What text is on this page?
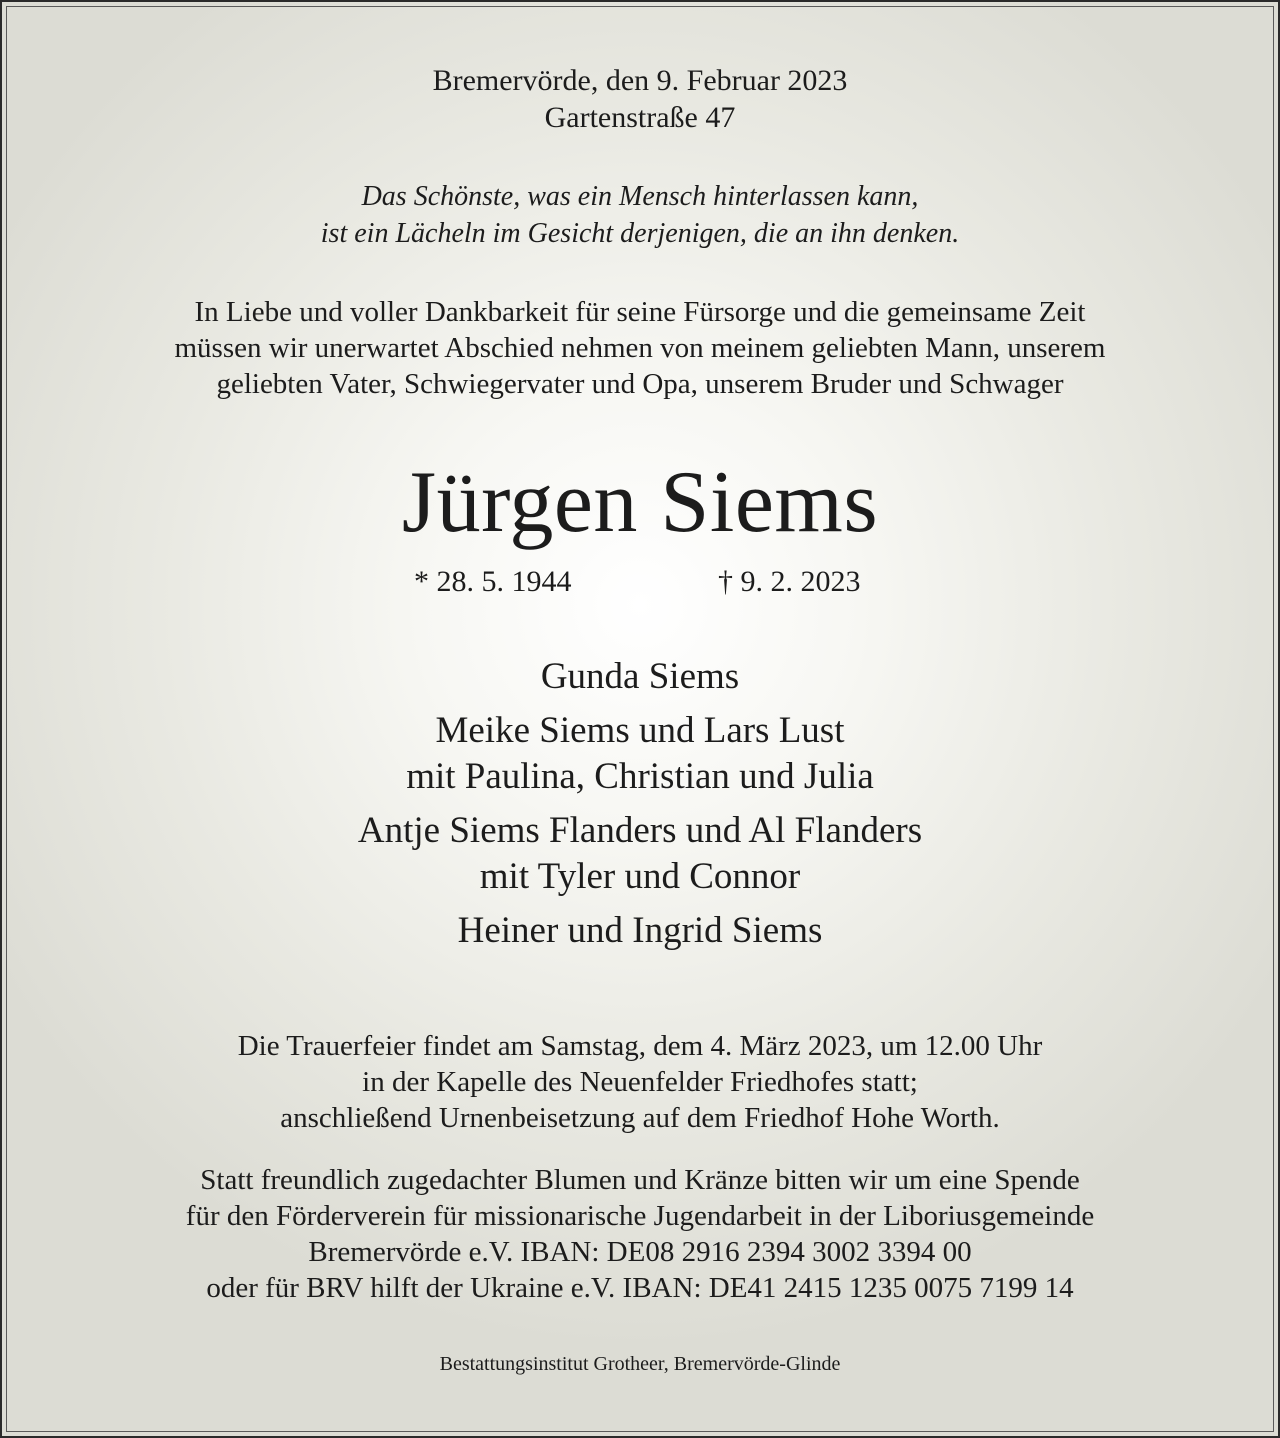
Bremervörde, den 9. Februar 2023
Gartenstraße 47
Das Schönste, was ein Mensch hinterlassen kann,
ist ein Lächeln im Gesicht derjenigen, die an ihn denken.
In Liebe und voller Dankbarkeit für seine Fürsorge und die gemeinsame Zeit
müssen wir unerwartet Abschied nehmen von meinem geliebten Mann, unserem
geliebten Vater, Schwiegervater und Opa, unserem Bruder und Schwager
Jürgen Siems
* 28. 5. 1944	† 9. 2. 2023
Gunda Siems
Meike Siems und Lars Lust
mit Paulina, Christian und Julia
Antje Siems Flanders und Al Flanders
mit Tyler und Connor
Heiner und Ingrid Siems
Die Trauerfeier findet am Samstag, dem 4. März 2023, um 12.00 Uhr
in der Kapelle des Neuenfelder Friedhofes statt;
anschließend Urnenbeisetzung auf dem Friedhof Hohe Worth.
Statt freundlich zugedachter Blumen und Kränze bitten wir um eine Spende
für den Förderverein für missionarische Jugendarbeit in der Liboriusgemeinde
Bremervörde e.V. IBAN: DE08 2916 2394 3002 3394 00
oder für BRV hilft der Ukraine e.V. IBAN: DE41 2415 1235 0075 7199 14
Bestattungsinstitut Grotheer, Bremervörde-Glinde
